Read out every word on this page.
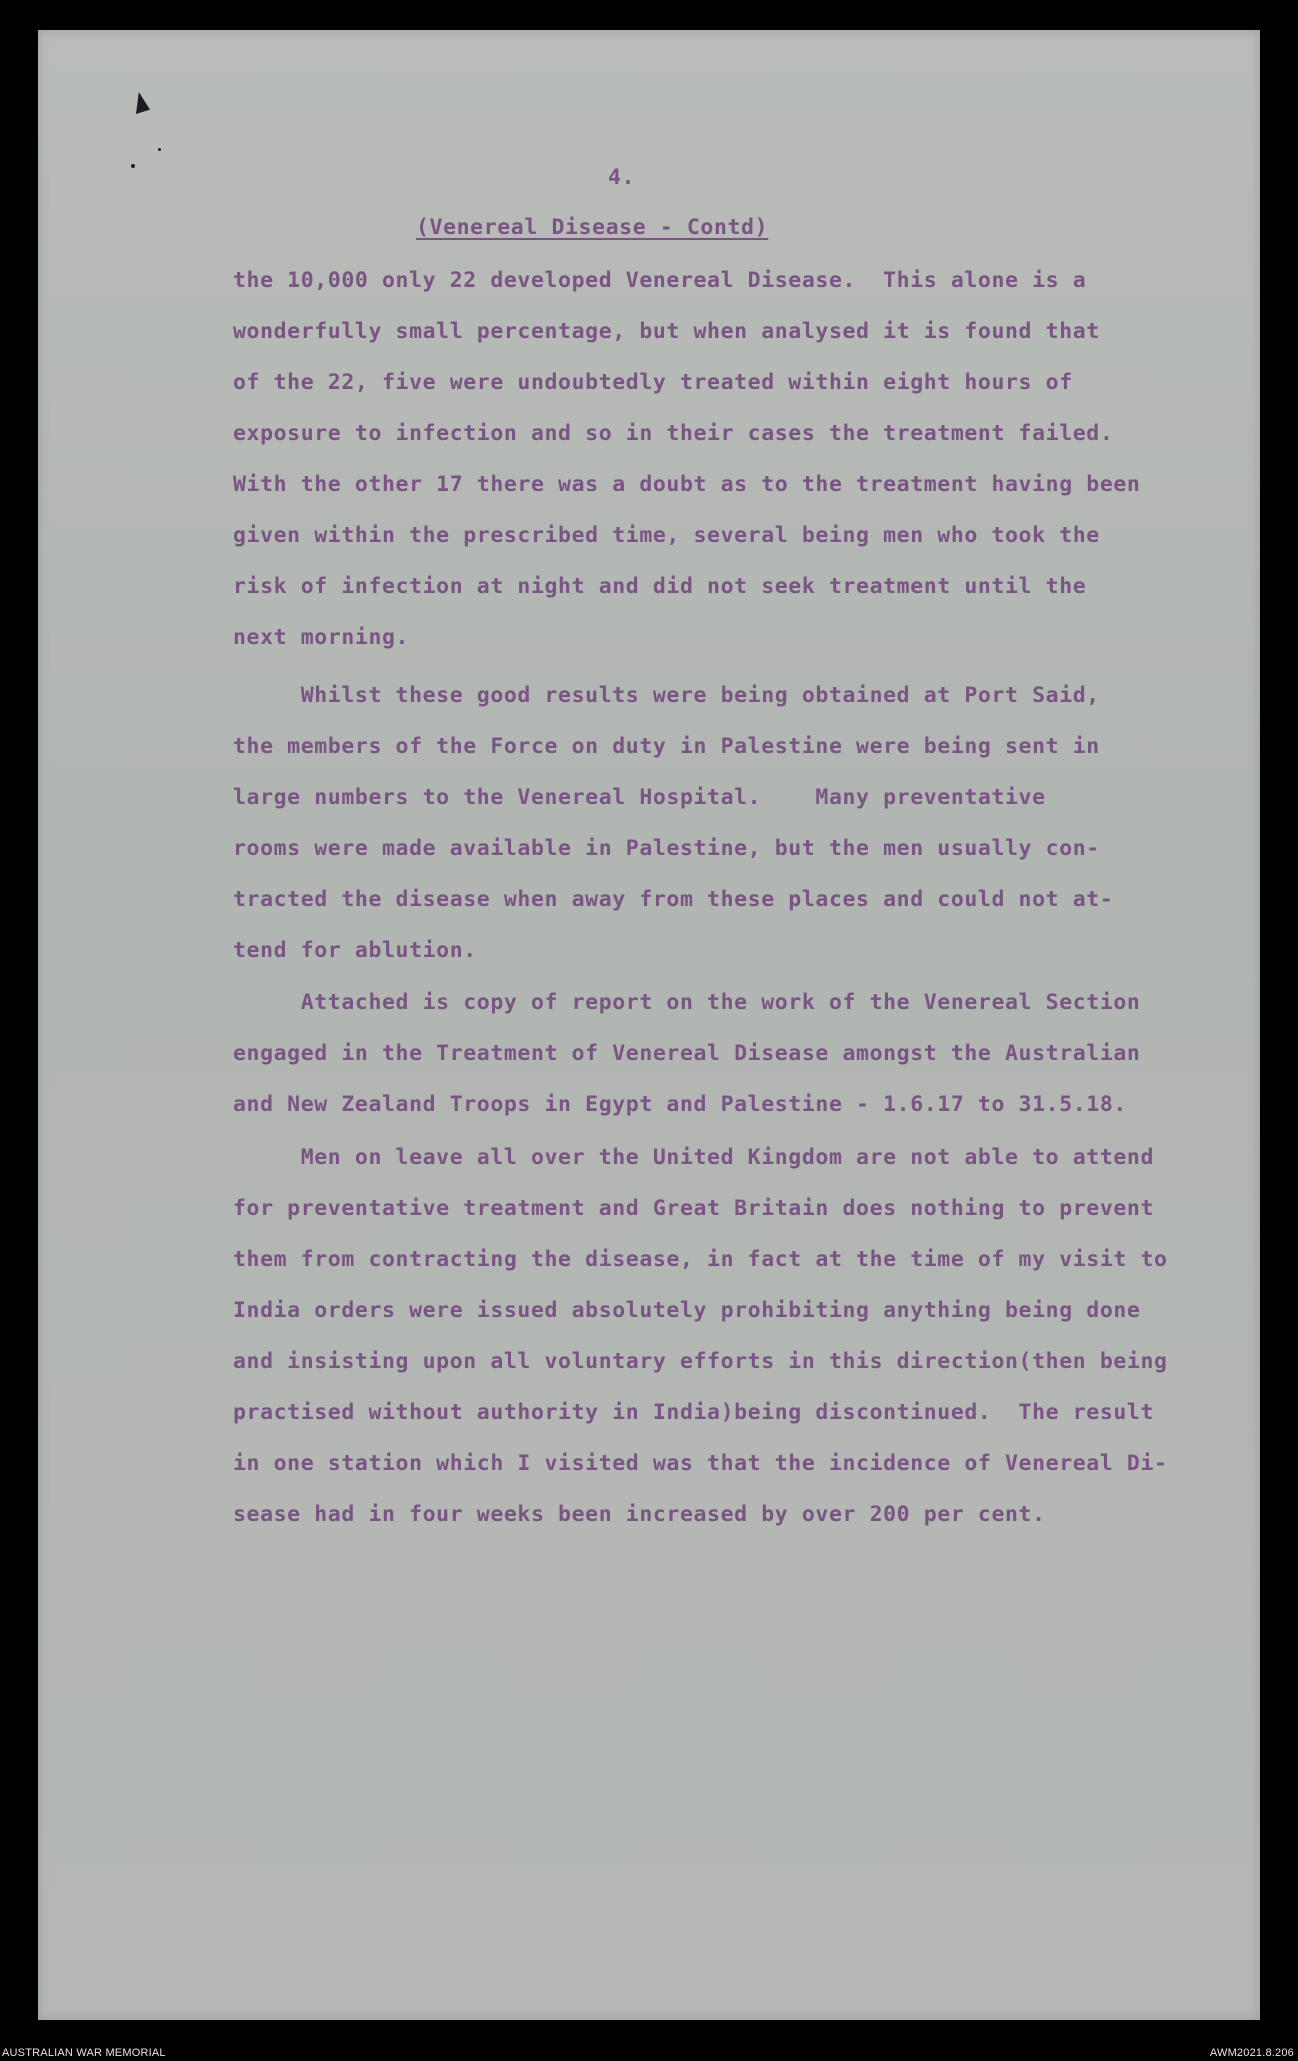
4.

(Venereal Disease - Contd)

the 10,000 only 22 developed Venereal Disease.  This alone is a

wonderfully small percentage, but when analysed it is found that

of the 22, five were undoubtedly treated within eight hours of

exposure to infection and so in their cases the treatment failed.

With the other 17 there was a doubt as to the treatment having been

given within the prescribed time, several being men who took the

risk of infection at night and did not seek treatment until the

next morning.

Whilst these good results were being obtained at Port Said,

the members of the Force on duty in Palestine were being sent in

large numbers to the Venereal Hospital.    Many preventative

rooms were made available in Palestine, but the men usually con-

tracted the disease when away from these places and could not at-

tend for ablution.

Attached is copy of report on the work of the Venereal Section

engaged in the Treatment of Venereal Disease amongst the Australian

and New Zealand Troops in Egypt and Palestine - 1.6.17 to 31.5.18.

Men on leave all over the United Kingdom are not able to attend

for preventative treatment and Great Britain does nothing to prevent

them from contracting the disease, in fact at the time of my visit to

India orders were issued absolutely prohibiting anything being done

and insisting upon all voluntary efforts in this direction(then being

practised without authority in India)being discontinued.  The result

in one station which I visited was that the incidence of Venereal Di-

sease had in four weeks been increased by over 200 per cent.

AUSTRALIAN WAR MEMORIAL	AWM2021.8.206
